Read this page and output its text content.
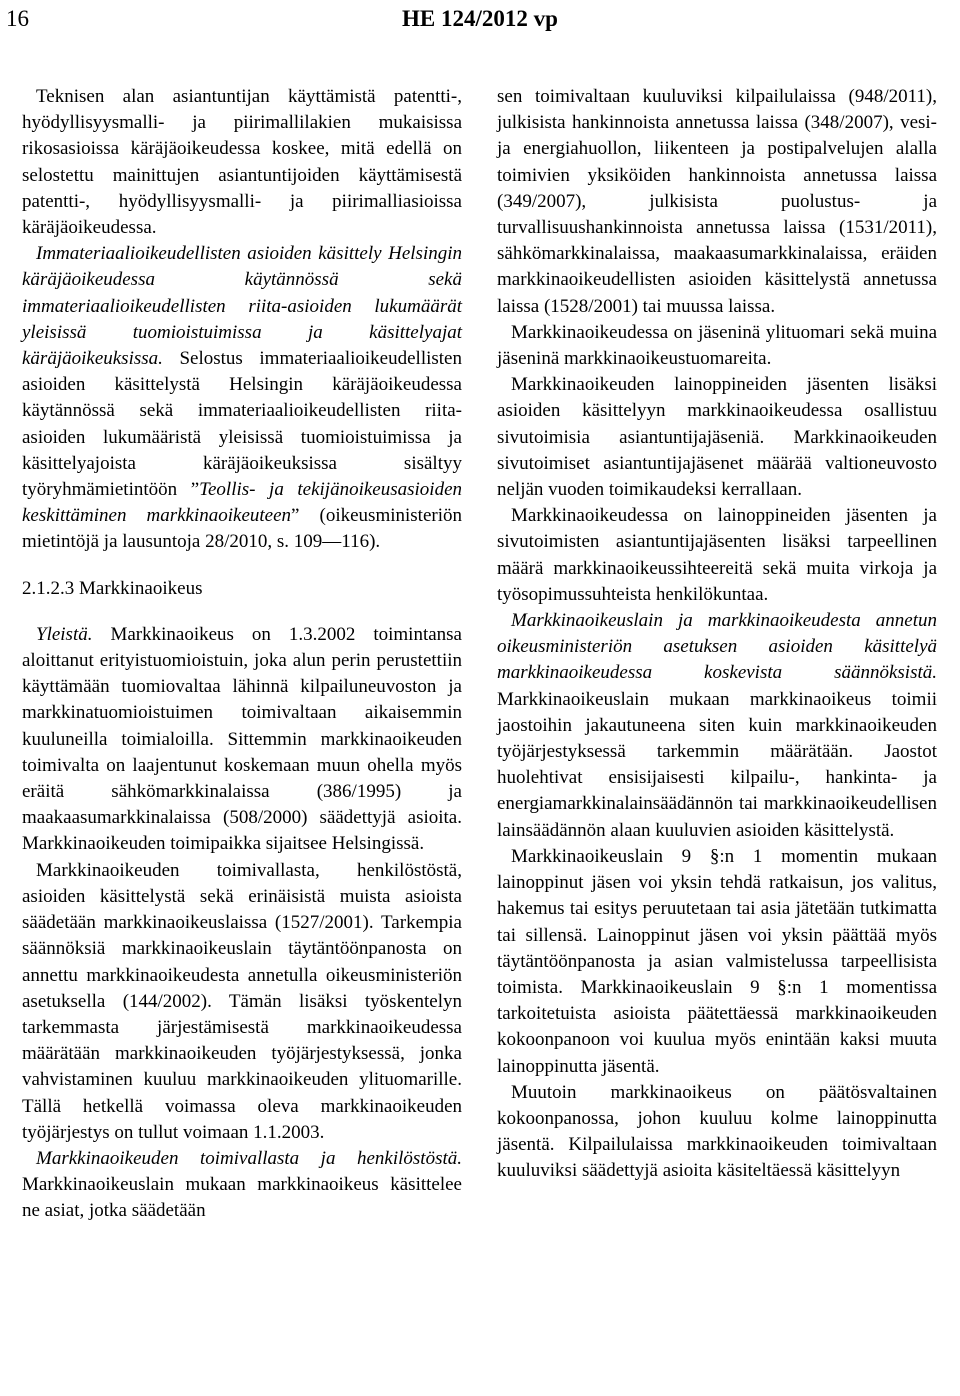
16	HE 124/2012 vp

Teknisen alan asiantuntijan käyttämistä patentti-, hyödyllisyysmalli- ja piirimallilakien mukaisissa rikosasioissa käräjäoikeudessa koskee, mitä edellä on selostettu mainittujen asiantuntijoiden käyttämisestä patentti-, hyödyllisyysmalli- ja piirimalliasioissa käräjäoikeudessa.

Immateriaalioikeudellisten asioiden käsittely Helsingin käräjäoikeudessa käytännössä sekä immateriaalioikeudellisten riita-asioiden lukumäärät yleisissä tuomioistuimissa ja käsittelyajat käräjäoikeuksissa. Selostus immateriaalioikeudellisten asioiden käsittelystä Helsingin käräjäoikeudessa käytännössä sekä immateriaalioikeudellisten riita-asioiden lukumääristä yleisissä tuomioistuimissa ja käsittelyajoista käräjäoikeuksissa sisältyy työryhmämietintöön ”Teollis- ja tekijänoikeusasioiden keskittäminen markkinaoikeuteen” (oikeusministeriön mietintöjä ja lausuntoja 28/2010, s. 109—116).

2.1.2.3 Markkinaoikeus

Yleistä. Markkinaoikeus on 1.3.2002 toimintansa aloittanut erityistuomioistuin, joka alun perin perustettiin käyttämään tuomiovaltaa lähinnä kilpailuneuvoston ja markkinatuomioistuimen toimivaltaan aikaisemmin kuuluneilla toimialoilla. Sittemmin markkinaoikeuden toimivalta on laajentunut koskemaan muun ohella myös eräitä sähkömarkkinalaissa (386/1995) ja maakaasumarkkinalaissa (508/2000) säädettyjä asioita. Markkinaoikeuden toimipaikka sijaitsee Helsingissä.

Markkinaoikeuden toimivallasta, henkilöstöstä, asioiden käsittelystä sekä erinäisistä muista asioista säädetään markkinaoikeuslaissa (1527/2001). Tarkempia säännöksiä markkinaoikeuslain täytäntöönpanosta on annettu markkinaoikeudesta annetulla oikeusministeriön asetuksella (144/2002). Tämän lisäksi työskentelyn tarkemmasta järjestämisestä markkinaoikeudessa määrätään markkinaoikeuden työjärjestyksessä, jonka vahvistaminen kuuluu markkinaoikeuden ylituomarille. Tällä hetkellä voimassa oleva markkinaoikeuden työjärjestys on tullut voimaan 1.1.2003.

Markkinaoikeuden toimivallasta ja henkilöstöstä. Markkinaoikeuslain mukaan markkinaoikeus käsittelee ne asiat, jotka säädetään

sen toimivaltaan kuuluviksi kilpailulaissa (948/2011), julkisista hankinnoista annetussa laissa (348/2007), vesi- ja energiahuollon, liikenteen ja postipalvelujen alalla toimivien yksiköiden hankinnoista annetussa laissa (349/2007), julkisista puolustus- ja turvallisuushankinnoista annetussa laissa (1531/2011), sähkömarkkinalaissa, maakaasumarkkinalaissa, eräiden markkinaoikeudellisten asioiden käsittelystä annetussa laissa (1528/2001) tai muussa laissa.

Markkinaoikeudessa on jäseninä ylituomari sekä muina jäseninä markkinaoikeustuomareita.

Markkinaoikeuden lainoppineiden jäsenten lisäksi asioiden käsittelyyn markkinaoikeudessa osallistuu sivutoimisia asiantuntijajäseniä. Markkinaoikeuden sivutoimiset asiantuntijajäsenet määrää valtioneuvosto neljän vuoden toimikaudeksi kerrallaan.

Markkinaoikeudessa on lainoppineiden jäsenten ja sivutoimisten asiantuntijajäsenten lisäksi tarpeellinen määrä markkinaoikeussihteereitä sekä muita virkoja ja työsopimussuhteista henkilökuntaa.

Markkinaoikeuslain ja markkinaoikeudesta annetun oikeusministeriön asetuksen asioiden käsittelyä markkinaoikeudessa koskevista säännöksistä. Markkinaoikeuslain mukaan markkinaoikeus toimii jaostoihin jakautuneena siten kuin markkinaoikeuden työjärjestyksessä tarkemmin määrätään. Jaostot huolehtivat ensisijaisesti kilpailu-, hankinta- ja energiamarkkinalainsäädännön tai markkinaoikeudellisen lainsäädännön alaan kuuluvien asioiden käsittelystä.

Markkinaoikeuslain 9 §:n 1 momentin mukaan lainoppinut jäsen voi yksin tehdä ratkaisun, jos valitus, hakemus tai esitys peruutetaan tai asia jätetään tutkimatta tai sillensä. Lainoppinut jäsen voi yksin päättää myös täytäntöönpanosta ja asian valmistelussa tarpeellisista toimista. Markkinaoikeuslain 9 §:n 1 momentissa tarkoitetuista asioista päätettäessä markkinaoikeuden kokoonpanoon voi kuulua myös enintään kaksi muuta lainoppinutta jäsentä.

Muutoin markkinaoikeus on päätösvaltainen kokoonpanossa, johon kuuluu kolme lainoppinutta jäsentä. Kilpailulaissa markkinaoikeuden toimivaltaan kuuluviksi säädettyjä asioita käsiteltäessä käsittelyyn
